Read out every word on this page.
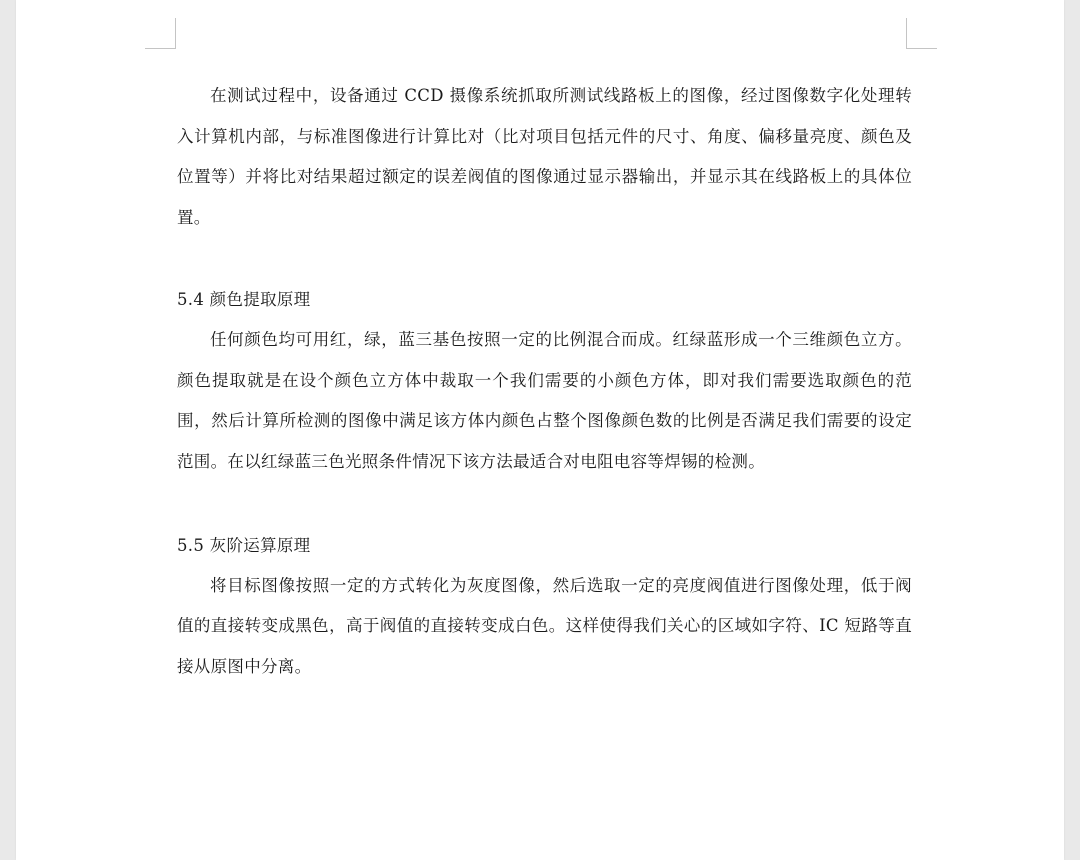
在测试过程中，设备通过 CCD 摄像系统抓取所测试线路板上的图像，经过图像数字化处理转入计算机内部，与标准图像进行计算比对（比对项目包括元件的尺寸、角度、偏移量亮度、颜色及位置等）并将比对结果超过额定的误差阀值的图像通过显示器输出，并显示其在线路板上的具体位置。

5.4 颜色提取原理

任何颜色均可用红，绿，蓝三基色按照一定的比例混合而成。红绿蓝形成一个三维颜色立方。颜色提取就是在设个颜色立方体中裁取一个我们需要的小颜色方体，即对我们需要选取颜色的范围，然后计算所检测的图像中满足该方体内颜色占整个图像颜色数的比例是否满足我们需要的设定范围。在以红绿蓝三色光照条件情况下该方法最适合对电阻电容等焊锡的检测。

5.5 灰阶运算原理

将目标图像按照一定的方式转化为灰度图像，然后选取一定的亮度阀值进行图像处理，低于阀值的直接转变成黑色，高于阀值的直接转变成白色。这样使得我们关心的区域如字符、IC 短路等直接从原图中分离。
